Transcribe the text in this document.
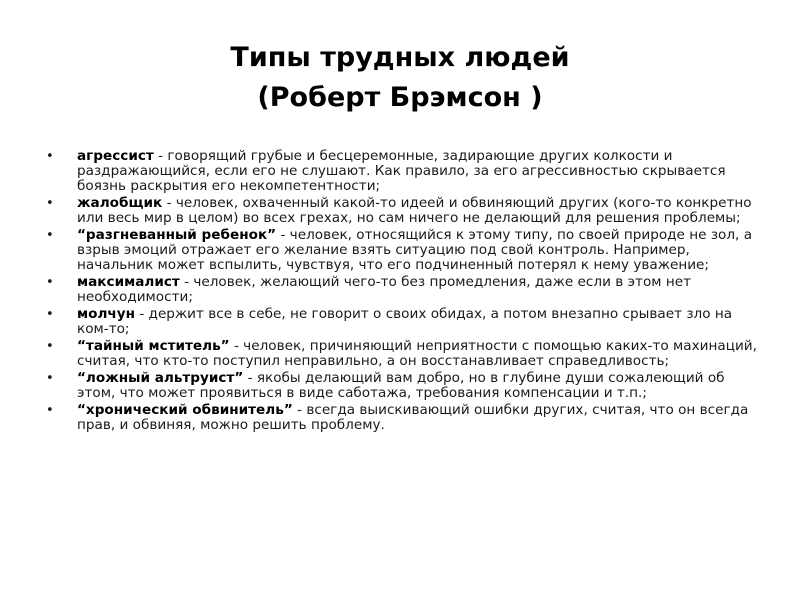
Типы трудных людей
(Роберт Брэмсон )
• агрессист - говорящий грубые и бесцеремонные, задирающие других колкости и раздражающийся, если его не слушают. Как правило, за его агрессивностью скрывается боязнь раскрытия его некомпетентности;
• жалобщик - человек, охваченный какой-то идеей и обвиняющий других (кого-то конкретно или весь мир в целом) во всех грехах, но сам ничего не делающий для решения проблемы;
• “разгневанный ребенок” - человек, относящийся к этому типу, по своей природе не зол, а взрыв эмоций отражает его желание взять ситуацию под свой контроль. Например, начальник может вспылить, чувствуя, что его подчиненный потерял к нему уважение;
• максималист - человек, желающий чего-то без промедления, даже если в этом нет необходимости;
• молчун - держит все в себе, не говорит о своих обидах, а потом внезапно срывает зло на ком-то;
• “тайный мститель” - человек, причиняющий неприятности с помощью каких-то махинаций, считая, что кто-то поступил неправильно, а он восстанавливает справедливость;
• “ложный альтруист” - якобы делающий вам добро, но в глубине души сожалеющий об этом, что может проявиться в виде саботажа, требования компенсации и т.п.;
• “хронический обвинитель” - всегда выискивающий ошибки других, считая, что он всегда прав, и обвиняя, можно решить проблему.
